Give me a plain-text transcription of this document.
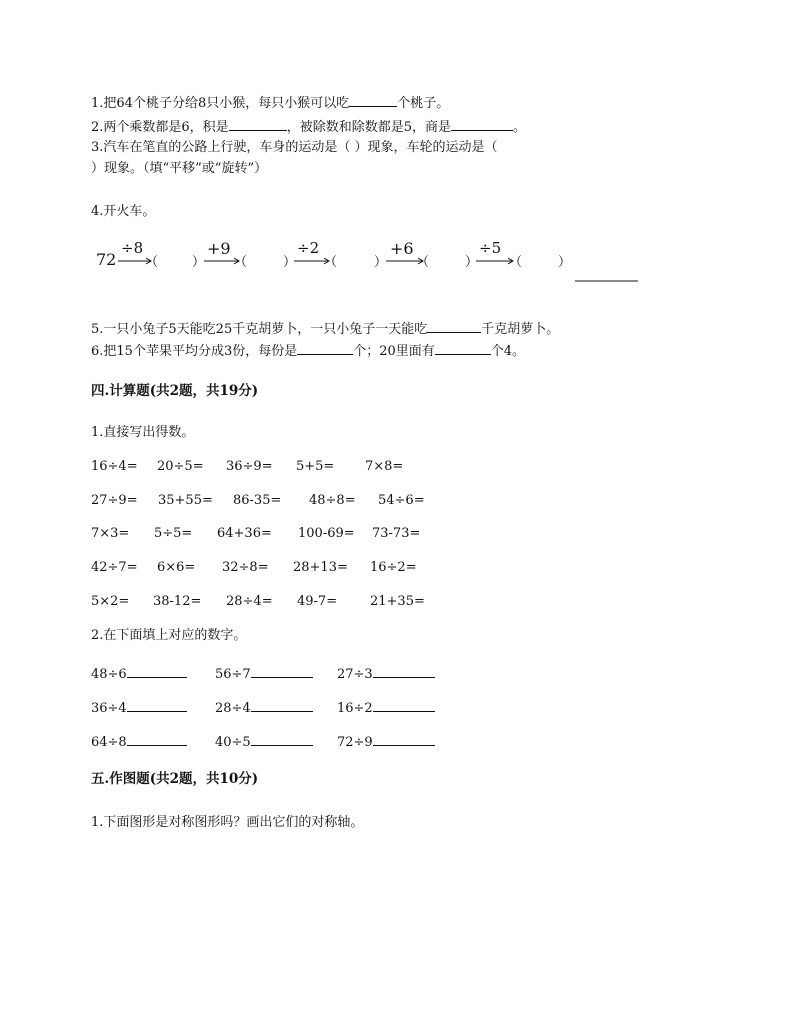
1.把64个桃子分给8只小猴，每只小猴可以吃	个桃子。
2.两个乘数都是6，积是	，被除数和除数都是5，商是	。
3.汽车在笔直的公路上行驶，车身的运动是（ ）现象，车轮的运动是（
）现象。（填“平移”或“旋转”）
4.开火车。
72
÷8	+9	÷2	+6	÷5
（	） （	） （	） （	） （	）
5.一只小兔子5天能吃25千克胡萝卜，一只小兔子一天能吃	千克胡萝卜。
6.把15个苹果平均分成3份，每份是	个；20里面有	个4。
四.计算题(共2题，共19分)
1.直接写出得数。
16÷4= 20÷5= 36÷9= 5+5= 7×8=
27÷9= 35+55= 86-35= 48÷8= 54÷6=
7×3= 5÷5= 64+36= 100-69= 73-73=
42÷7= 6×6= 32÷8= 28+13= 16÷2=
5×2= 38-12= 28÷4= 49-7=	21+35=
2.在下面填上对应的数字。
48÷6	56÷7	27÷3
36÷4	28÷4	16÷2
64÷8	40÷5	72÷9
五.作图题(共2题，共10分)
1.下面图形是对称图形吗？画出它们的对称轴。
